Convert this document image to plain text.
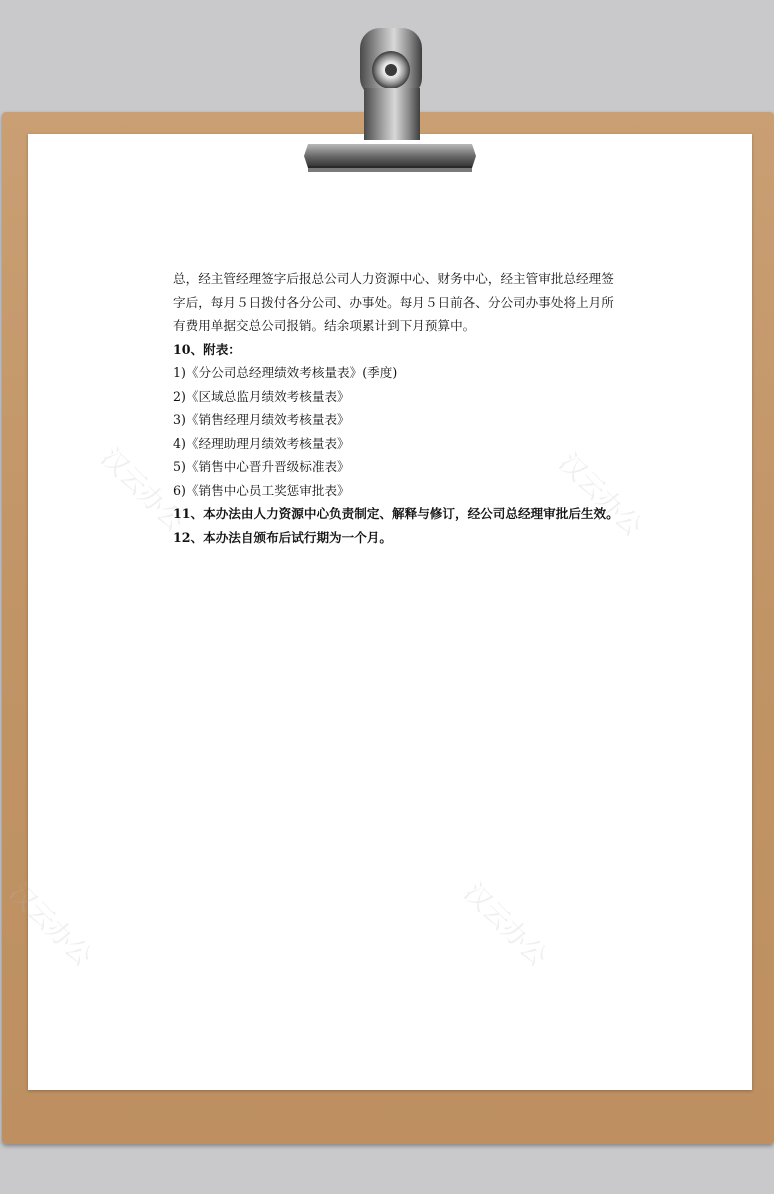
汉云办公	汉云办公
汉云办公	汉云办公

总，经主管经理签字后报总公司人力资源中心、财务中心，经主管审批总经理签

字后，每月５日拨付各分公司、办事处。每月５日前各、分公司办事处将上月所

有费用单据交总公司报销。结余项累计到下月预算中。

10、附表：

1)《分公司总经理绩效考核量表》(季度)

2)《区域总监月绩效考核量表》

3)《销售经理月绩效考核量表》

4)《经理助理月绩效考核量表》

5)《销售中心晋升晋级标准表》

6)《销售中心员工奖惩审批表》

11、本办法由人力资源中心负责制定、解释与修订，经公司总经理审批后生效。

12、本办法自颁布后试行期为一个月。
